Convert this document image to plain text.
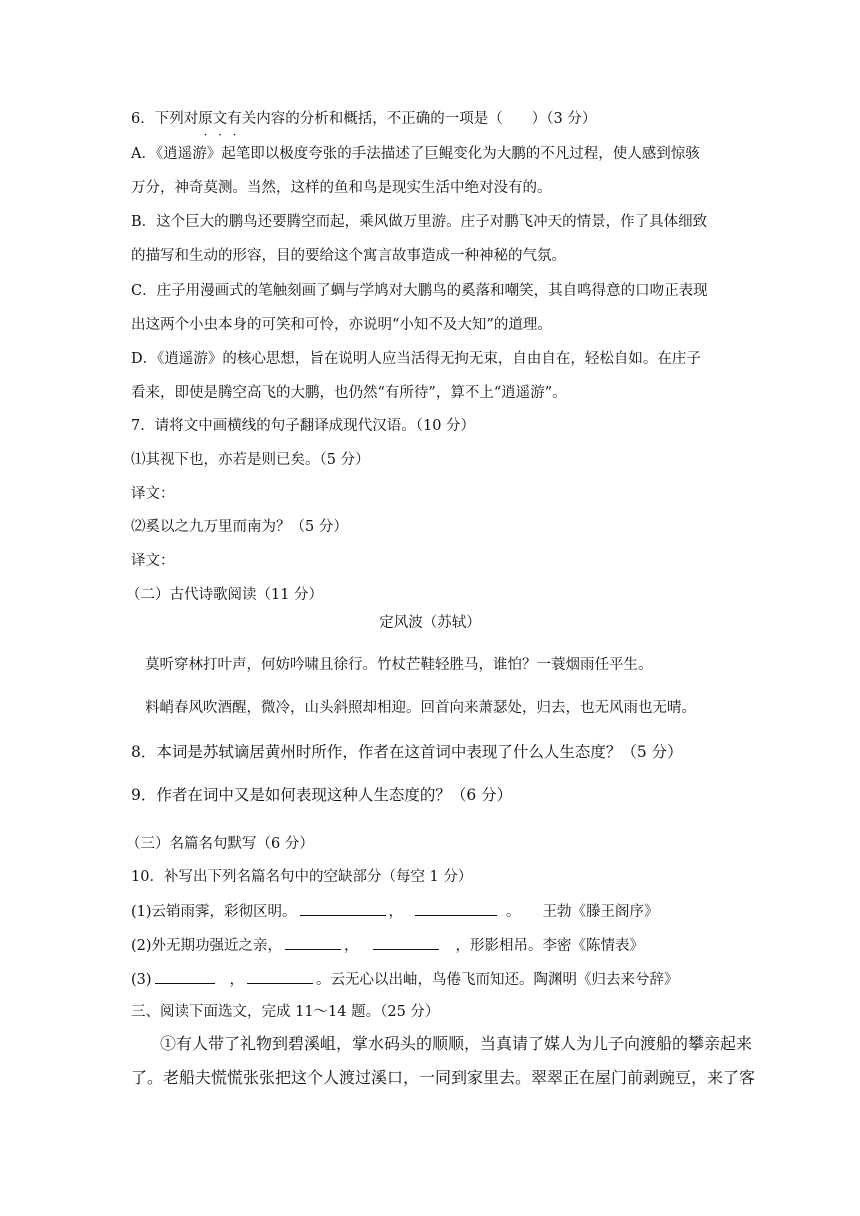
6．下列对原文有关内容的分析和概括，不正确的一项是（　　）（3 分）
A．《逍遥游》起笔即以极度夸张的手法描述了巨鲲变化为大鹏的不凡过程，使人感到惊骇
万分，神奇莫测。当然，这样的鱼和鸟是现实生活中绝对没有的。
B．这个巨大的鹏鸟还要腾空而起，乘风做万里游。庄子对鹏飞冲天的情景，作了具体细致
的描写和生动的形容，目的要给这个寓言故事造成一种神秘的气氛。
C．庄子用漫画式的笔触刻画了蜩与学鸠对大鹏鸟的奚落和嘲笑，其自鸣得意的口吻正表现
出这两个小虫本身的可笑和可怜，亦说明“小知不及大知”的道理。
D．《逍遥游》的核心思想，旨在说明人应当活得无拘无束，自由自在，轻松自如。在庄子
看来，即使是腾空高飞的大鹏，也仍然“有所待”，算不上“逍遥游”。
7．请将文中画横线的句子翻译成现代汉语。（10 分）
⑴其视下也，亦若是则已矣。（5 分）
译文：
⑵奚以之九万里而南为？（5 分）
译文：
（二）古代诗歌阅读（11 分）
定风波（苏轼）
莫听穿林打叶声，何妨吟啸且徐行。竹杖芒鞋轻胜马，谁怕？一蓑烟雨任平生。
料峭春风吹酒醒，微冷，山头斜照却相迎。回首向来萧瑟处，归去，也无风雨也无晴。
8．本词是苏轼谪居黄州时所作，作者在这首词中表现了什么人生态度？（5 分）
9．作者在词中又是如何表现这种人生态度的？（6 分）
（三）名篇名句默写（6 分）
10．补写出下列名篇名句中的空缺部分（每空 1 分）
(1)云销雨霁，彩彻区明。	，	。 王勃《滕王阁序》
(2)外无期功强近之亲，	，	，形影相吊。李密《陈情表》
(3)	，	。云无心以出岫，鸟倦飞而知还。陶渊明《归去来兮辞》
三、阅读下面选文，完成 11～14 题。（25 分）
①有人带了礼物到碧溪岨，掌水码头的顺顺，当真请了媒人为儿子向渡船的攀亲起来
了。老船夫慌慌张张把这个人渡过溪口，一同到家里去。翠翠正在屋门前剥豌豆，来了客
